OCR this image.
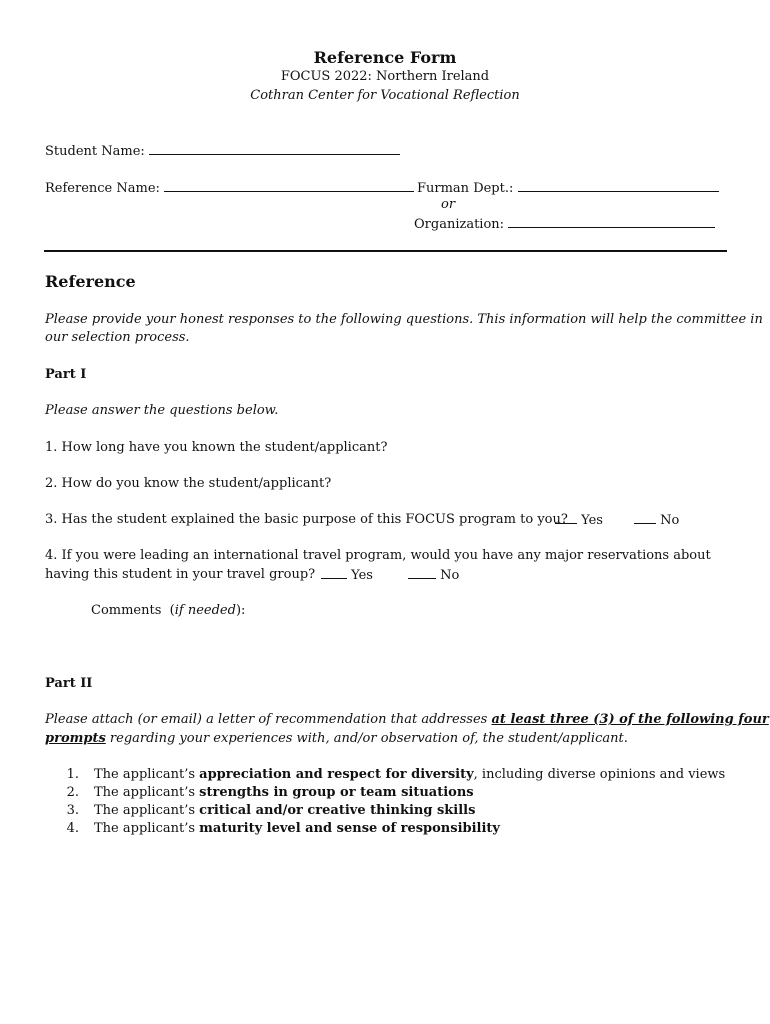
Reference Form
FOCUS 2022: Northern Ireland
Cothran Center for Vocational Reflection
Student Name:
Reference Name:	Furman Dept.:
or
Organization:
Reference
Please provide your honest responses to the following questions. This information will help the committee in
our selection process.
Part I
Please answer the questions below.
1. How long have you known the student/applicant?
2. How do you know the student/applicant?
3. Has the student explained the basic purpose of this FOCUS program to you?	Yes	No
4. If you were leading an international travel program, would you have any major reservations about
having this student in your travel group?	Yes	No
Comments (if needed):
Part II
Please attach (or email) a letter of recommendation that addresses at least three (3) of the following four
prompts regarding your experiences with, and/or observation of, the student/applicant.
1. The applicant’s appreciation and respect for diversity, including diverse opinions and views
2. The applicant’s strengths in group or team situations
3. The applicant’s critical and/or creative thinking skills
4. The applicant’s maturity level and sense of responsibility
